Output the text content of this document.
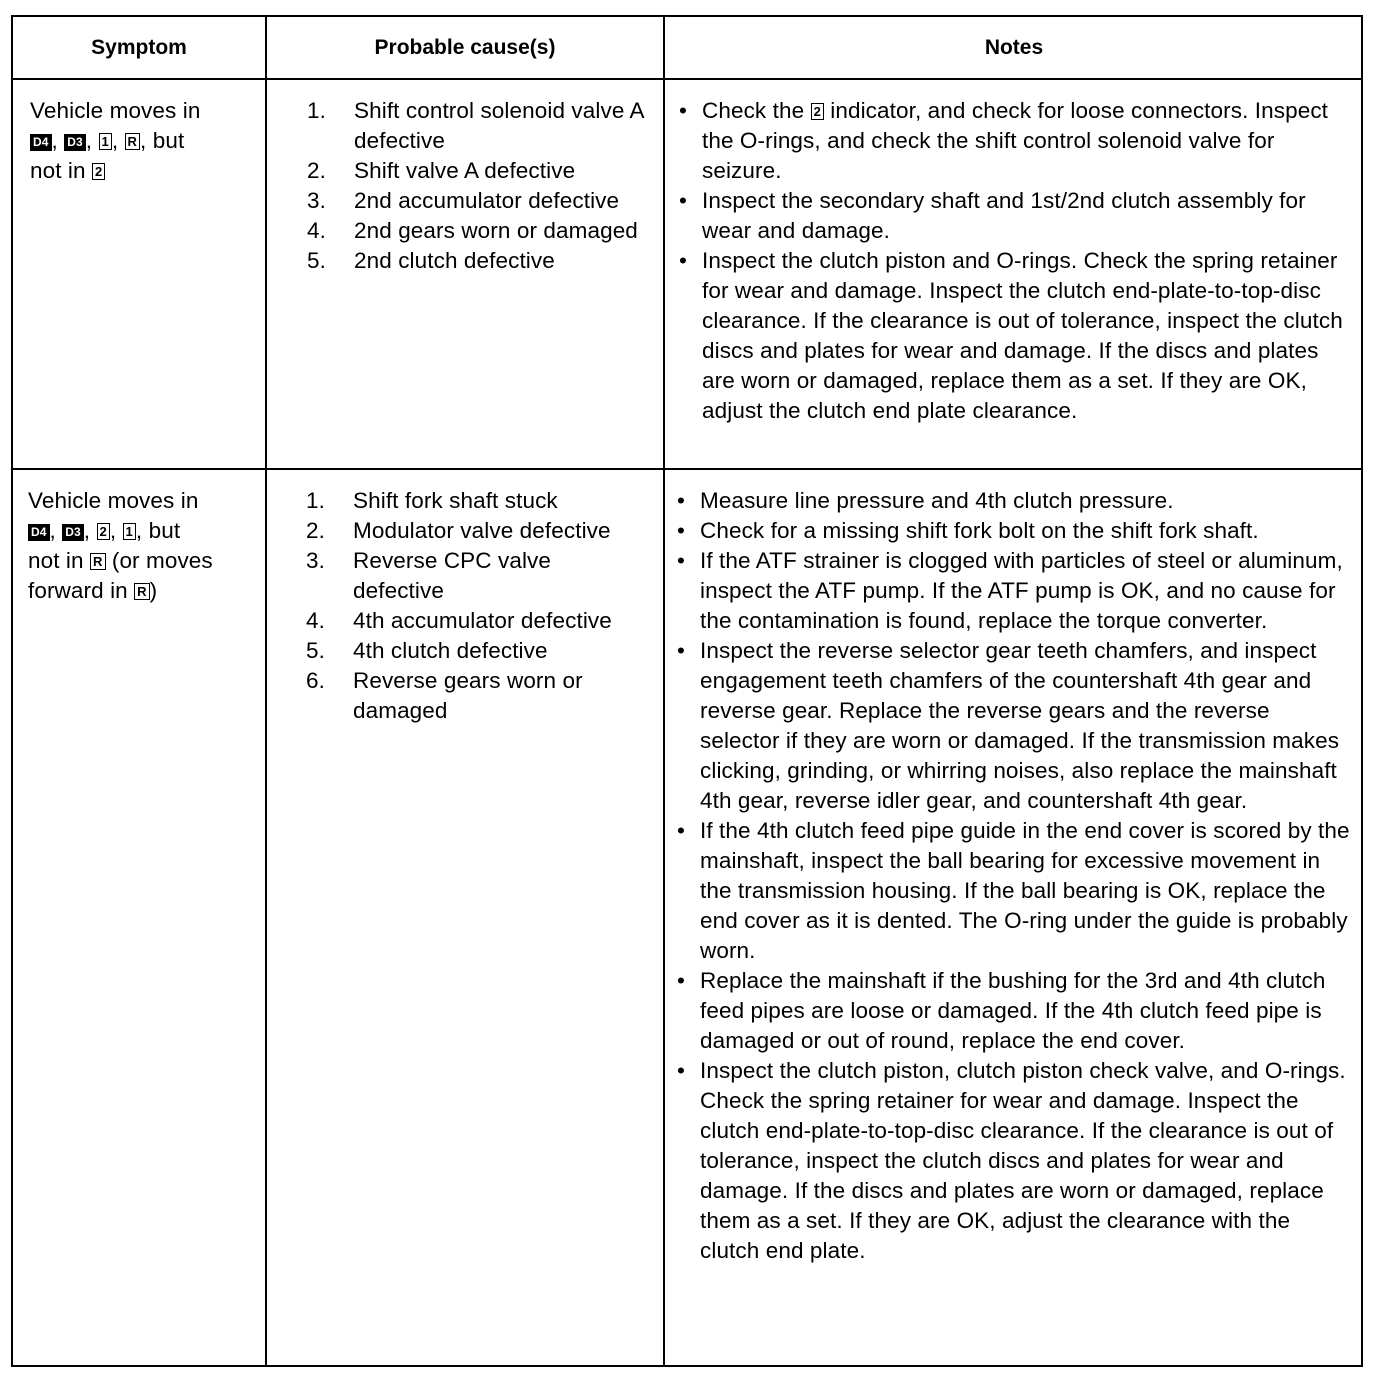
Symptom	Probable cause(s)	Notes
Vehicle moves in
D4 , D3 , 1 , R , but
not in 2
1. Shift control solenoid valve A defective
2. Shift valve A defective
3. 2nd accumulator defective
4. 2nd gears worn or damaged
5. 2nd clutch defective
• Check the 2 indicator, and check for loose connectors. Inspect the O-rings, and check the shift control solenoid valve for seizure.
• Inspect the secondary shaft and 1st/2nd clutch assembly for wear and damage.
• Inspect the clutch piston and O-rings. Check the spring retainer for wear and damage. Inspect the clutch end-plate-to-top-disc clearance. If the clearance is out of tolerance, inspect the clutch discs and plates for wear and damage. If the discs and plates are worn or damaged, replace them as a set. If they are OK, adjust the clutch end plate clearance.
Vehicle moves in
D4 , D3 , 2 , 1 , but
not in R (or moves
forward in R )
1. Shift fork shaft stuck
2. Modulator valve defective
3. Reverse CPC valve defective
4. 4th accumulator defective
5. 4th clutch defective
6. Reverse gears worn or damaged
• Measure line pressure and 4th clutch pressure.
• Check for a missing shift fork bolt on the shift fork shaft.
• If the ATF strainer is clogged with particles of steel or aluminum, inspect the ATF pump. If the ATF pump is OK, and no cause for the contamination is found, replace the torque converter.
• Inspect the reverse selector gear teeth chamfers, and inspect engagement teeth chamfers of the countershaft 4th gear and reverse gear. Replace the reverse gears and the reverse selector if they are worn or damaged. If the transmission makes clicking, grinding, or whirring noises, also replace the mainshaft 4th gear, reverse idler gear, and countershaft 4th gear.
• If the 4th clutch feed pipe guide in the end cover is scored by the mainshaft, inspect the ball bearing for excessive movement in the transmission housing. If the ball bearing is OK, replace the end cover as it is dented. The O-ring under the guide is probably worn.
• Replace the mainshaft if the bushing for the 3rd and 4th clutch feed pipes are loose or damaged. If the 4th clutch feed pipe is damaged or out of round, replace the end cover.
• Inspect the clutch piston, clutch piston check valve, and O-rings. Check the spring retainer for wear and damage. Inspect the clutch end-plate-to-top-disc clearance. If the clearance is out of tolerance, inspect the clutch discs and plates for wear and damage. If the discs and plates are worn or damaged, replace them as a set. If they are OK, adjust the clearance with the clutch end plate.
